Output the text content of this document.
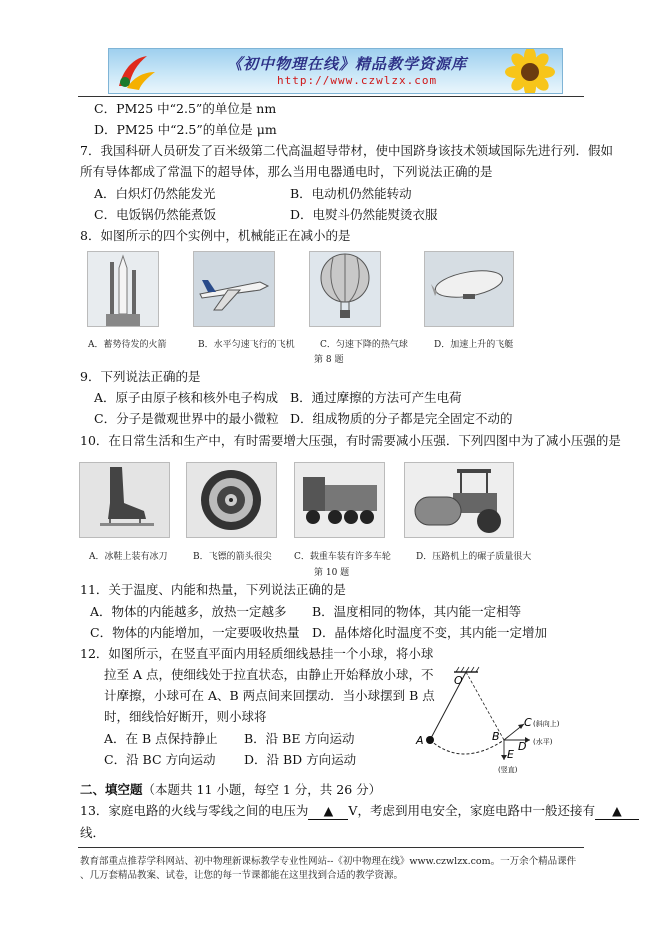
《初中物理在线》精品教学资源库
http://www.czwlzx.com
C．PM25 中“2.5”的单位是 nm
D．PM25 中“2.5”的单位是 μm
7．我国科研人员研发了百米级第二代高温超导带材，使中国跻身该技术领域国际先进行列．假如
所有导体都成了常温下的超导体，那么当用电器通电时，下列说法正确的是
A．白炽灯仍然能发光	B．电动机仍然能转动
C．电饭锅仍然能煮饭	D．电熨斗仍然能熨烫衣服
8．如图所示的四个实例中，机械能正在减小的是
A．蓄势待发的火箭	B．水平匀速飞行的飞机	C．匀速下降的热气球	D．加速上升的飞艇
第 8 题
9．下列说法正确的是
A．原子由原子核和核外电子构成 B．通过摩擦的方法可产生电荷
C．分子是微观世界中的最小微粒 D．组成物质的分子都是完全固定不动的
10．在日常生活和生产中，有时需要增大压强，有时需要减小压强．下列四图中为了减小压强的是
A．冰鞋上装有冰刀	B．飞镖的箭头很尖 C．载重车装有许多车轮	D．压路机上的碾子质量很大
第 10 题
11．关于温度、内能和热量，下列说法正确的是
A．物体的内能越多，放热一定越多 B．温度相同的物体，其内能一定相等
C．物体的内能增加，一定要吸收热量 D．晶体熔化时温度不变，其内能一定增加
12．如图所示，在竖直平面内用轻质细线悬挂一个小球，将小球
拉至 A 点，使细线处于拉直状态，由静止开始释放小球，不
计摩擦，小球可在 A、B 两点间来回摆动．当小球摆到 B 点
时，细线恰好断开，则小球将
A．在 B 点保持静止 B．沿 BE 方向运动
C．沿 BC 方向运动 D．沿 BD 方向运动
O
A	B
C (斜向上)
D (水平)
E
(竖直)
二、填空题（本题共 11 小题，每空 1 分，共 26 分）
13．家庭电路的火线与零线之间的电压为 ▲ V，考虑到用电安全，家庭电路中一般还接有 ▲
线．
教育部重点推荐学科网站、初中物理新课标教学专业性网站--《初中物理在线》www.czwlzx.com。一万余个精品课件
、几万套精品教案、试卷，让您的每一节课都能在这里找到合适的教学资源。
